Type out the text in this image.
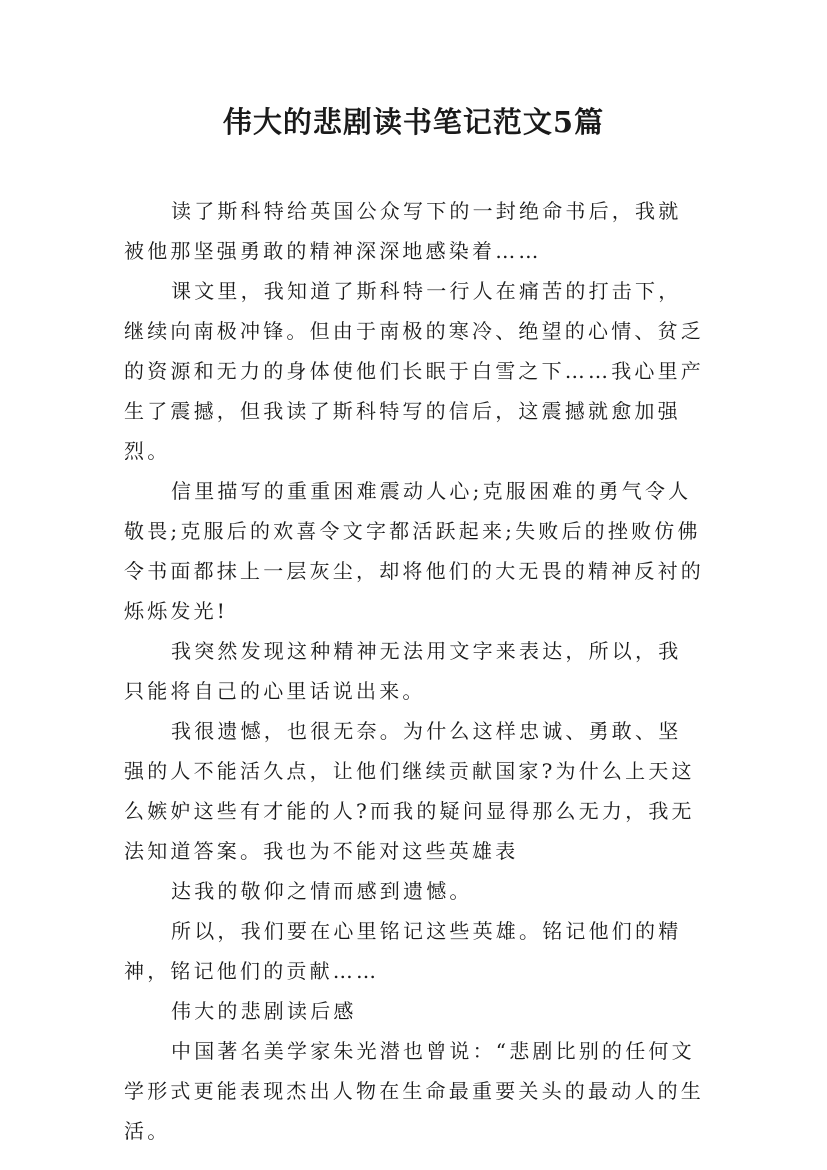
伟大的悲剧读书笔记范文5篇

读了斯科特给英国公众写下的一封绝命书后，我就被他那坚强勇敢的精神深深地感染着……

课文里，我知道了斯科特一行人在痛苦的打击下，继续向南极冲锋。但由于南极的寒冷、绝望的心情、贫乏的资源和无力的身体使他们长眠于白雪之下……我心里产生了震撼，但我读了斯科特写的信后，这震撼就愈加强烈。

信里描写的重重困难震动人心;克服困难的勇气令人敬畏;克服后的欢喜令文字都活跃起来;失败后的挫败仿佛令书面都抹上一层灰尘，却将他们的大无畏的精神反衬的烁烁发光!

我突然发现这种精神无法用文字来表达，所以，我只能将自己的心里话说出来。

我很遗憾，也很无奈。为什么这样忠诚、勇敢、坚强的人不能活久点，让他们继续贡献国家?为什么上天这么嫉妒这些有才能的人?而我的疑问显得那么无力，我无法知道答案。我也为不能对这些英雄表

达我的敬仰之情而感到遗憾。

所以，我们要在心里铭记这些英雄。铭记他们的精神，铭记他们的贡献……

伟大的悲剧读后感

中国著名美学家朱光潜也曾说：“悲剧比别的任何文学形式更能表现杰出人物在生命最重要关头的最动人的生活。
